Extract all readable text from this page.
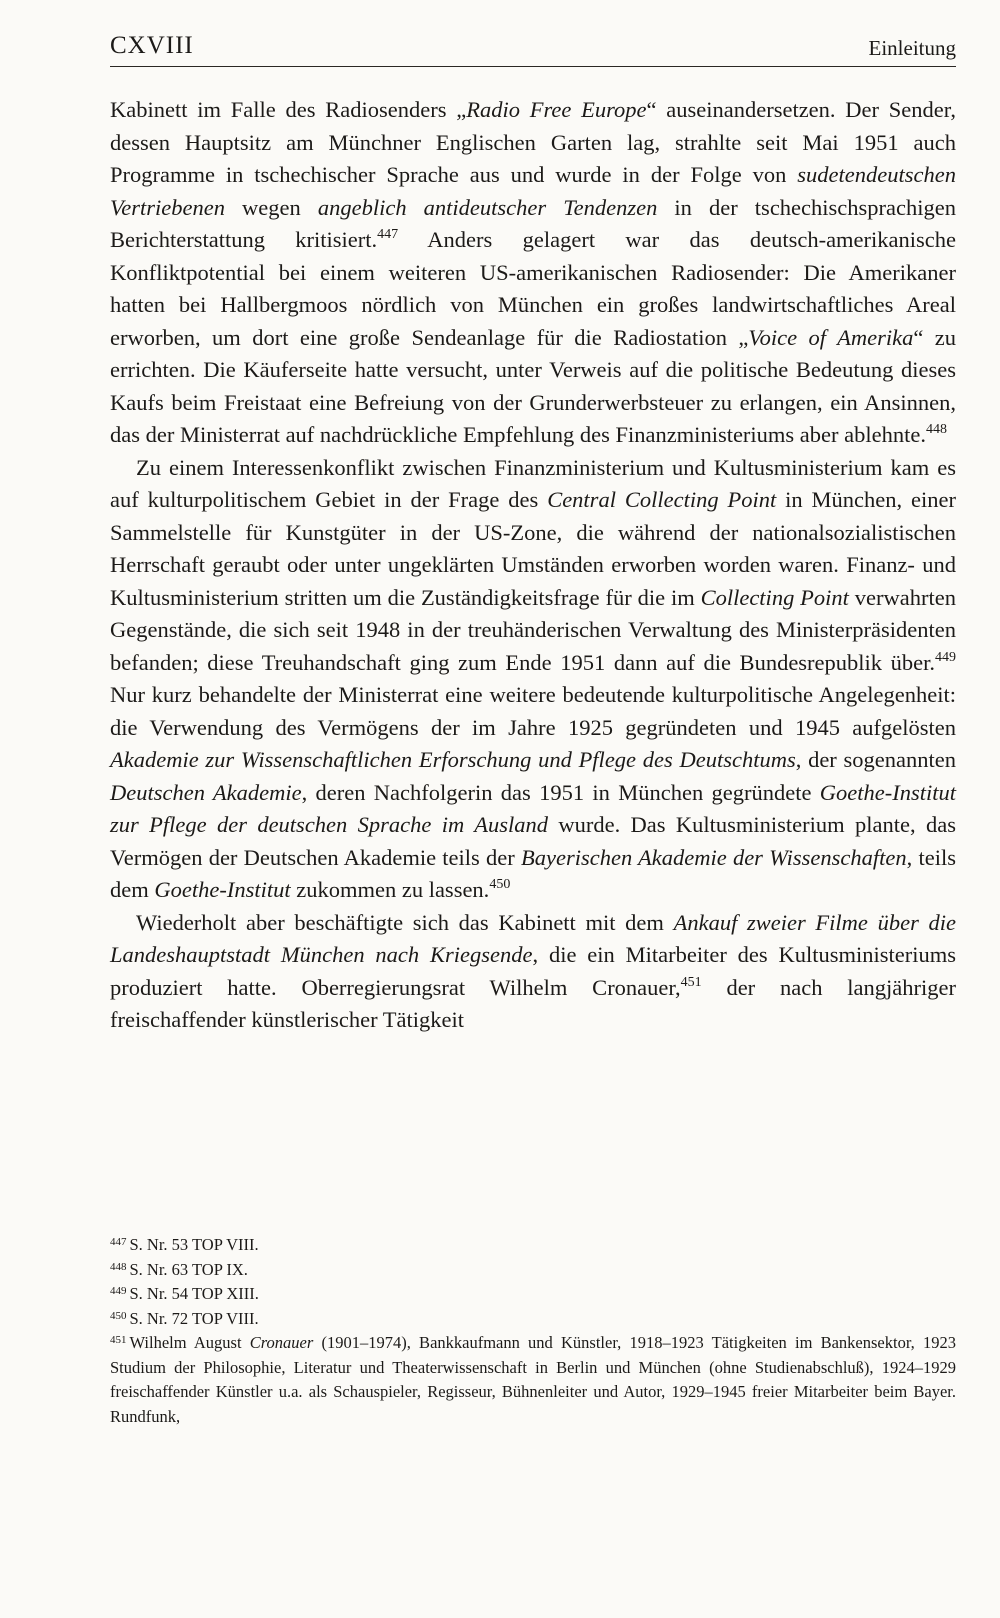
CXVIII	Einleitung

Kabinett im Falle des Radiosenders „Radio Free Europe“ auseinandersetzen. Der Sender, dessen Hauptsitz am Münchner Englischen Garten lag, strahlte seit Mai 1951 auch Programme in tschechischer Sprache aus und wurde in der Folge von sudetendeutschen Vertriebenen wegen angeblich antideutscher Tendenzen in der tschechischsprachigen Berichterstattung kritisiert.$^{447}$ Anders gelagert war das deutsch-amerikanische Konfliktpotential bei einem weiteren US-amerikanischen Radiosender: Die Amerikaner hatten bei Hallbergmoos nördlich von München ein großes landwirtschaftliches Areal erworben, um dort eine große Sendeanlage für die Radiostation „Voice of Amerika“ zu errichten. Die Käuferseite hatte versucht, unter Verweis auf die politische Bedeutung dieses Kaufs beim Freistaat eine Befreiung von der Grunderwerbsteuer zu erlangen, ein Ansinnen, das der Ministerrat auf nachdrückliche Empfehlung des Finanzministeriums aber ablehnte.$^{448}$

Zu einem Interessenkonflikt zwischen Finanzministerium und Kultusministerium kam es auf kulturpolitischem Gebiet in der Frage des Central Collecting Point in München, einer Sammelstelle für Kunstgüter in der US-Zone, die während der nationalsozialistischen Herrschaft geraubt oder unter ungeklärten Umständen erworben worden waren. Finanz- und Kultusministerium stritten um die Zuständigkeitsfrage für die im Collecting Point verwahrten Gegenstände, die sich seit 1948 in der treuhänderischen Verwaltung des Ministerpräsidenten befanden; diese Treuhandschaft ging zum Ende 1951 dann auf die Bundesrepublik über.$^{449}$ Nur kurz behandelte der Ministerrat eine weitere bedeutende kulturpolitische Angelegenheit: die Verwendung des Vermögens der im Jahre 1925 gegründeten und 1945 aufgelösten Akademie zur Wissenschaftlichen Erforschung und Pflege des Deutschtums, der sogenannten Deutschen Akademie, deren Nachfolgerin das 1951 in München gegründete Goethe-Institut zur Pflege der deutschen Sprache im Ausland wurde. Das Kultusministerium plante, das Vermögen der Deutschen Akademie teils der Bayerischen Akademie der Wissenschaften, teils dem Goethe-Institut zukommen zu lassen.$^{450}$

Wiederholt aber beschäftigte sich das Kabinett mit dem Ankauf zweier Filme über die Landeshauptstadt München nach Kriegsende, die ein Mitarbeiter des Kultusministeriums produziert hatte. Oberregierungsrat Wilhelm Cronauer,$^{451}$ der nach langjähriger freischaffender künstlerischer Tätigkeit

$^{447}$ S. Nr. 53 TOP VIII.
$^{448}$ S. Nr. 63 TOP IX.
$^{449}$ S. Nr. 54 TOP XIII.
$^{450}$ S. Nr. 72 TOP VIII.
$^{451}$ Wilhelm August Cronauer (1901–1974), Bankkaufmann und Künstler, 1918–1923 Tätigkeiten im Bankensektor, 1923 Studium der Philosophie, Literatur und Theaterwissenschaft in Berlin und München (ohne Studienabschluß), 1924–1929 freischaffender Künstler u.a. als Schauspieler, Regisseur, Bühnenleiter und Autor, 1929–1945 freier Mitarbeiter beim Bayer. Rundfunk,
